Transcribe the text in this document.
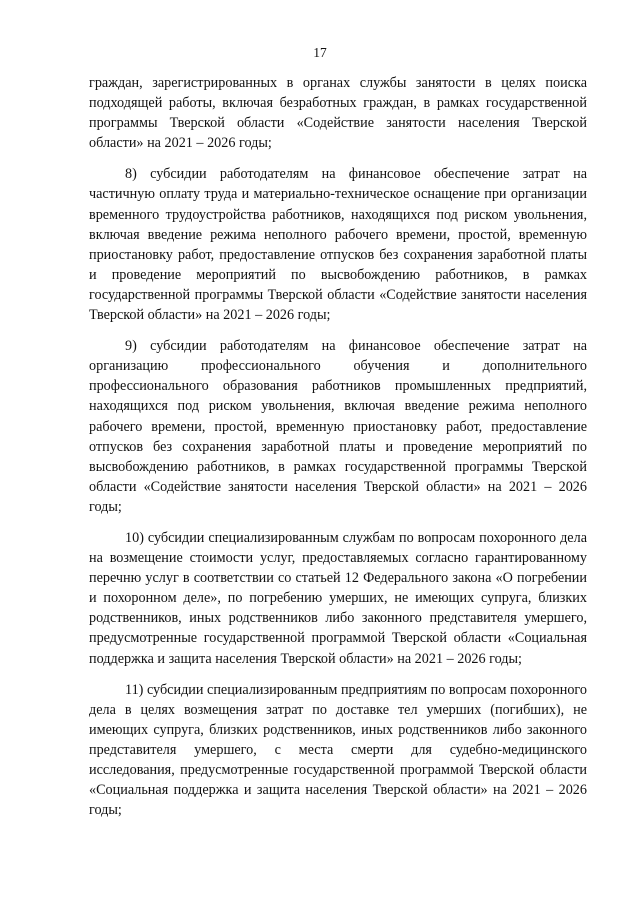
17

граждан, зарегистрированных в органах службы занятости в целях поиска подходящей работы, включая безработных граждан, в рамках государственной программы Тверской области «Содействие занятости населения Тверской области» на 2021 – 2026 годы;

8) субсидии работодателям на финансовое обеспечение затрат на частичную оплату труда и материально-техническое оснащение при организации временного трудоустройства работников, находящихся под риском увольнения, включая введение режима неполного рабочего времени, простой, временную приостановку работ, предоставление отпусков без сохранения заработной платы и проведение мероприятий по высвобождению работников, в рамках государственной программы Тверской области «Содействие занятости населения Тверской области» на 2021 – 2026 годы;

9) субсидии работодателям на финансовое обеспечение затрат на организацию профессионального обучения и дополнительного профессионального образования работников промышленных предприятий, находящихся под риском увольнения, включая введение режима неполного рабочего времени, простой, временную приостановку работ, предоставление отпусков без сохранения заработной платы и проведение мероприятий по высвобождению работников, в рамках государственной программы Тверской области «Содействие занятости населения Тверской области» на 2021 – 2026 годы;

10) субсидии специализированным службам по вопросам похоронного дела на возмещение стоимости услуг, предоставляемых согласно гарантированному перечню услуг в соответствии со статьей 12 Федерального закона «О погребении и похоронном деле», по погребению умерших, не имеющих супруга, близких родственников, иных родственников либо законного представителя умершего, предусмотренные государственной программой Тверской области «Социальная поддержка и защита населения Тверской области» на 2021 – 2026 годы;

11) субсидии специализированным предприятиям по вопросам похоронного дела в целях возмещения затрат по доставке тел умерших (погибших), не имеющих супруга, близких родственников, иных родственников либо законного представителя умершего, с места смерти для судебно-медицинского исследования, предусмотренные государственной программой Тверской области «Социальная поддержка и защита населения Тверской области» на 2021 – 2026 годы;
